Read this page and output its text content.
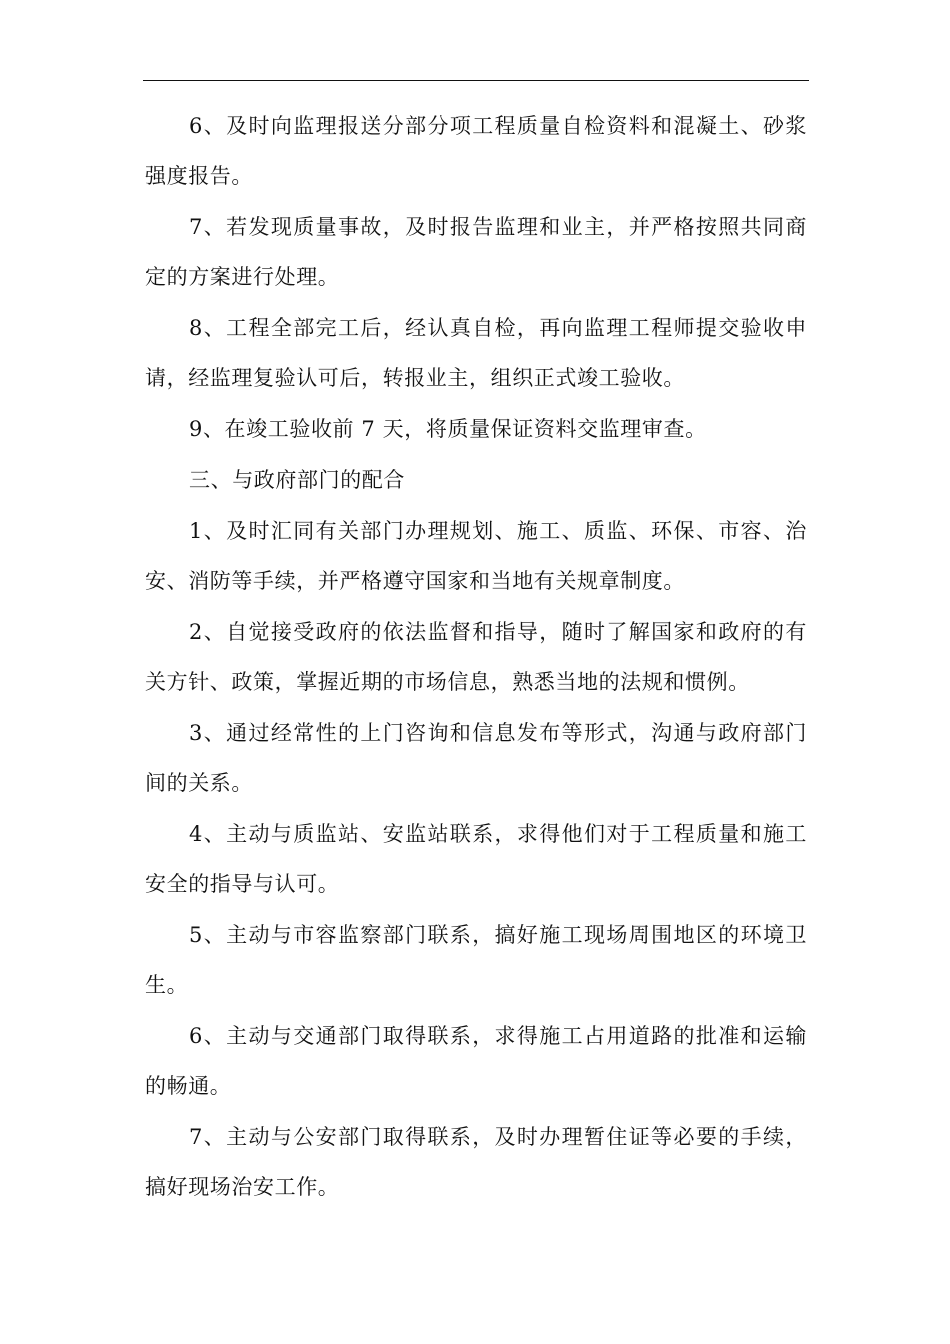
6、及时向监理报送分部分项工程质量自检资料和混凝土、砂浆强度报告。

7、若发现质量事故，及时报告监理和业主，并严格按照共同商定的方案进行处理。

8、工程全部完工后，经认真自检，再向监理工程师提交验收申请，经监理复验认可后，转报业主，组织正式竣工验收。

9、在竣工验收前 7 天，将质量保证资料交监理审查。

三、与政府部门的配合

1、及时汇同有关部门办理规划、施工、质监、环保、市容、治安、消防等手续，并严格遵守国家和当地有关规章制度。

2、自觉接受政府的依法监督和指导，随时了解国家和政府的有关方针、政策，掌握近期的市场信息，熟悉当地的法规和惯例。

3、通过经常性的上门咨询和信息发布等形式，沟通与政府部门间的关系。

4、主动与质监站、安监站联系，求得他们对于工程质量和施工安全的指导与认可。

5、主动与市容监察部门联系，搞好施工现场周围地区的环境卫生。

6、主动与交通部门取得联系，求得施工占用道路的批准和运输的畅通。

7、主动与公安部门取得联系，及时办理暂住证等必要的手续，搞好现场治安工作。
